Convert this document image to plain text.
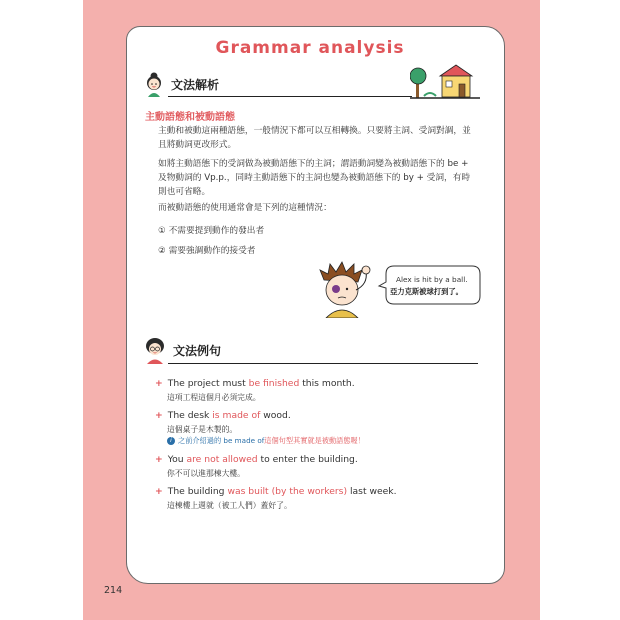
Grammar analysis
文法解析
主動語態和被動語態
主動和被動這兩種語態，一般情況下都可以互相轉換。只要將主詞、受詞對調，並且將動詞更改形式。
如將主動語態下的受詞做為被動語態下的主詞；謂語動詞變為被動語態下的 be + 及物動詞的 Vp.p.，同時主動語態下的主詞也變為被動語態下的 by + 受詞，有時則也可省略。
而被動語態的使用通常會是下列的這種情況：
① 不需要提到動作的發出者
② 需要強調動作的接受者
Alex is hit by a ball.
亞力克斯被球打到了。
文法例句
+ The project must be finished this month.
這項工程這個月必須完成。
+ The desk is made of wood.
這個桌子是木製的。
i 之前介紹過的 be made of 這個句型其實就是被動語態喔！
+ You are not allowed to enter the building.
你不可以進那棟大樓。
+ The building was built (by the workers) last week.
這棟樓上週就（被工人們）蓋好了。
214
